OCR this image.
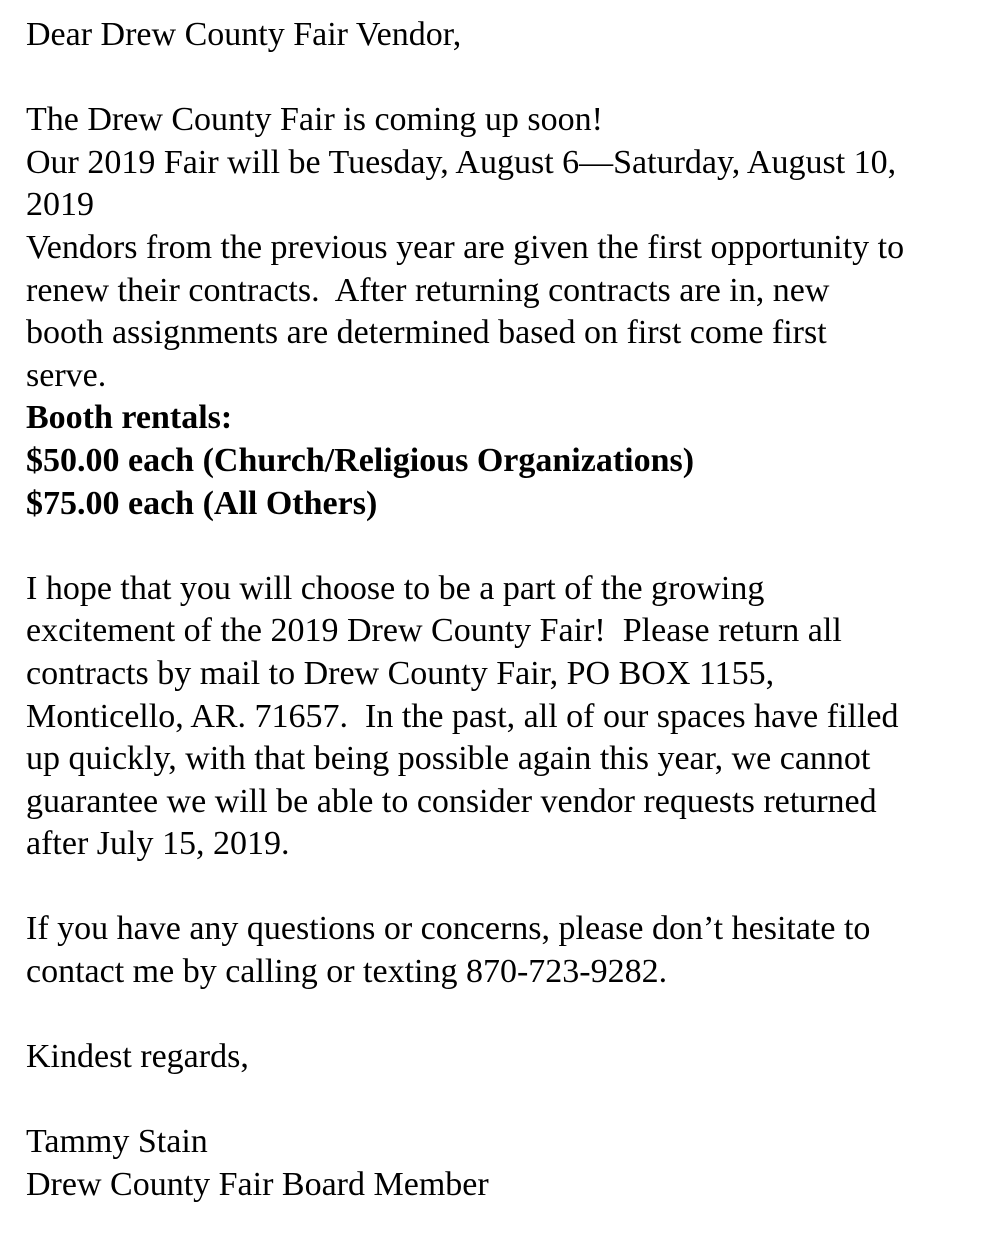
Dear Drew County Fair Vendor,
The Drew County Fair is coming up soon!
Our 2019 Fair will be Tuesday, August 6—Saturday, August 10,
2019
Vendors from the previous year are given the first opportunity to
renew their contracts.  After returning contracts are in, new
booth assignments are determined based on first come first
serve.
Booth rentals:
$50.00 each (Church/Religious Organizations)
$75.00 each (All Others)
I hope that you will choose to be a part of the growing
excitement of the 2019 Drew County Fair!  Please return all
contracts by mail to Drew County Fair, PO BOX 1155,
Monticello, AR. 71657.  In the past, all of our spaces have filled
up quickly, with that being possible again this year, we cannot
guarantee we will be able to consider vendor requests returned
after July 15, 2019.
If you have any questions or concerns, please don’t hesitate to
contact me by calling or texting 870-723-9282.
Kindest regards,
Tammy Stain
Drew County Fair Board Member
